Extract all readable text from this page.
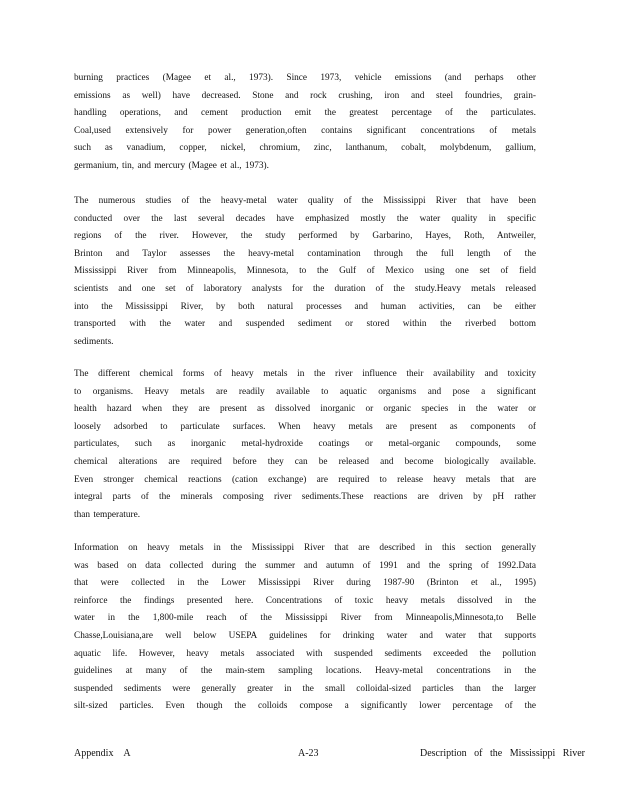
burning practices (Magee et al., 1973). Since 1973, vehicle emissions (and perhaps other
emissions as well) have decreased. Stone and rock crushing, iron and steel foundries, grain-
handling operations, and cement production emit the greatest percentage of the particulates.
Coal,used extensively for power generation,often contains significant concentrations of metals
such as vanadium, copper, nickel, chromium, zinc, lanthanum, cobalt, molybdenum, gallium,
germanium, tin, and mercury (Magee et al., 1973).
The numerous studies of the heavy-metal water quality of the Mississippi River that have been
conducted over the last several decades have emphasized mostly the water quality in specific
regions of the river. However, the study performed by Garbarino, Hayes, Roth, Antweiler,
Brinton and Taylor assesses the heavy-metal contamination through the full length of the
Mississippi River from Minneapolis, Minnesota, to the Gulf of Mexico using one set of field
scientists and one set of laboratory analysts for the duration of the study.Heavy metals released
into the Mississippi River, by both natural processes and human activities, can be either
transported with the water and suspended sediment or stored within the riverbed bottom
sediments.
The different chemical forms of heavy metals in the river influence their availability and toxicity
to organisms. Heavy metals are readily available to aquatic organisms and pose a significant
health hazard when they are present as dissolved inorganic or organic species in the water or
loosely adsorbed to particulate surfaces. When heavy metals are present as components of
particulates, such as inorganic metal-hydroxide coatings or metal-organic compounds, some
chemical alterations are required before they can be released and become biologically available.
Even stronger chemical reactions (cation exchange) are required to release heavy metals that are
integral parts of the minerals composing river sediments.These reactions are driven by pH rather
than temperature.
Information on heavy metals in the Mississippi River that are described in this section generally
was based on data collected during the summer and autumn of 1991 and the spring of 1992.Data
that were collected in the Lower Mississippi River during 1987-90 (Brinton et al., 1995)
reinforce the findings presented here. Concentrations of toxic heavy metals dissolved in the
water in the 1,800-mile reach of the Mississippi River from Minneapolis,Minnesota,to Belle
Chasse,Louisiana,are well below USEPA guidelines for drinking water and water that supports
aquatic life. However, heavy metals associated with suspended sediments exceeded the pollution
guidelines at many of the main-stem sampling locations. Heavy-metal concentrations in the
suspended sediments were generally greater in the small colloidal-sized particles than the larger
silt-sized particles. Even though the colloids compose a significantly lower percentage of the
Appendix A	A-23	Description of the Mississippi River
